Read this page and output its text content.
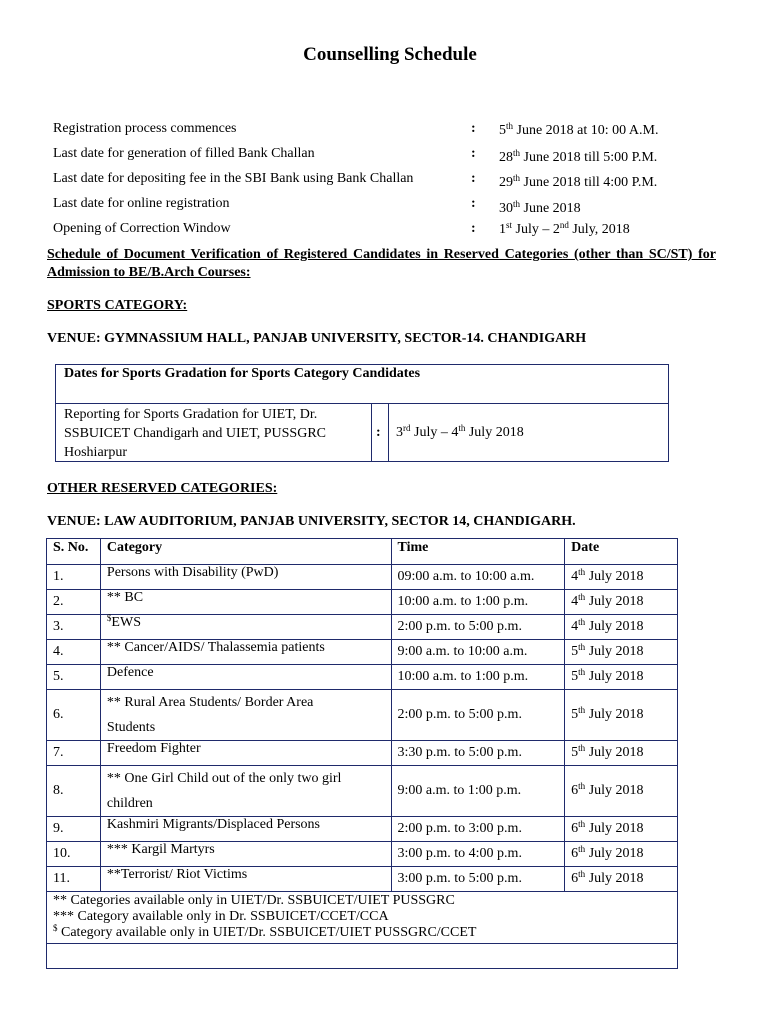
Counselling Schedule
Registration process commences	: 5th June 2018 at 10: 00 A.M.
Last date for generation of filled Bank Challan	: 28th June 2018 till 5:00 P.M.
Last date for depositing fee in the SBI Bank using Bank Challan	: 29th June 2018 till 4:00 P.M.
Last date for online registration	: 30th June 2018
Opening of Correction Window	: 1st July – 2nd July, 2018
Schedule of Document Verification of Registered Candidates in Reserved Categories (other than SC/ST) for Admission to BE/B.Arch Courses:
SPORTS CATEGORY:
VENUE: GYMNASSIUM HALL, PANJAB UNIVERSITY, SECTOR-14. CHANDIGARH
Dates for Sports Gradation for Sports Category Candidates
Reporting for Sports Gradation for UIET, Dr.
SSBUICET Chandigarh and UIET, PUSSGRC
Hoshiarpur
: 3rd July – 4th July 2018
OTHER RESERVED CATEGORIES:
VENUE: LAW AUDITORIUM, PANJAB UNIVERSITY, SECTOR 14, CHANDIGARH.
S. No.	Category	Time	Date
1.	Persons with Disability (PwD)	09:00 a.m. to 10:00 a.m.	4th July 2018
2.	** BC	10:00 a.m. to 1:00 p.m.	4th July 2018
3.	$EWS	2:00 p.m. to 5:00 p.m.	4th July 2018
4.	** Cancer/AIDS/ Thalassemia patients	9:00 a.m. to 10:00 a.m.	5th July 2018
5.	Defence	10:00 a.m. to 1:00 p.m.	5th July 2018
6.	** Rural Area Students/ Border Area
Students	2:00 p.m. to 5:00 p.m.	5th July 2018
7.	Freedom Fighter	3:30 p.m. to 5:00 p.m.	5th July 2018
8.	** One Girl Child out of the only two girl
children	9:00 a.m. to 1:00 p.m.	6th July 2018
9.	Kashmiri Migrants/Displaced Persons	2:00 p.m. to 3:00 p.m.	6th July 2018
10.	*** Kargil Martyrs	3:00 p.m. to 4:00 p.m.	6th July 2018
11.	**Terrorist/ Riot Victims	3:00 p.m. to 5:00 p.m.	6th July 2018

** Categories available only in UIET/Dr. SSBUICET/UIET PUSSGRC
*** Category available only in Dr. SSBUICET/CCET/CCA
$ Category available only in UIET/Dr. SSBUICET/UIET PUSSGRC/CCET			
